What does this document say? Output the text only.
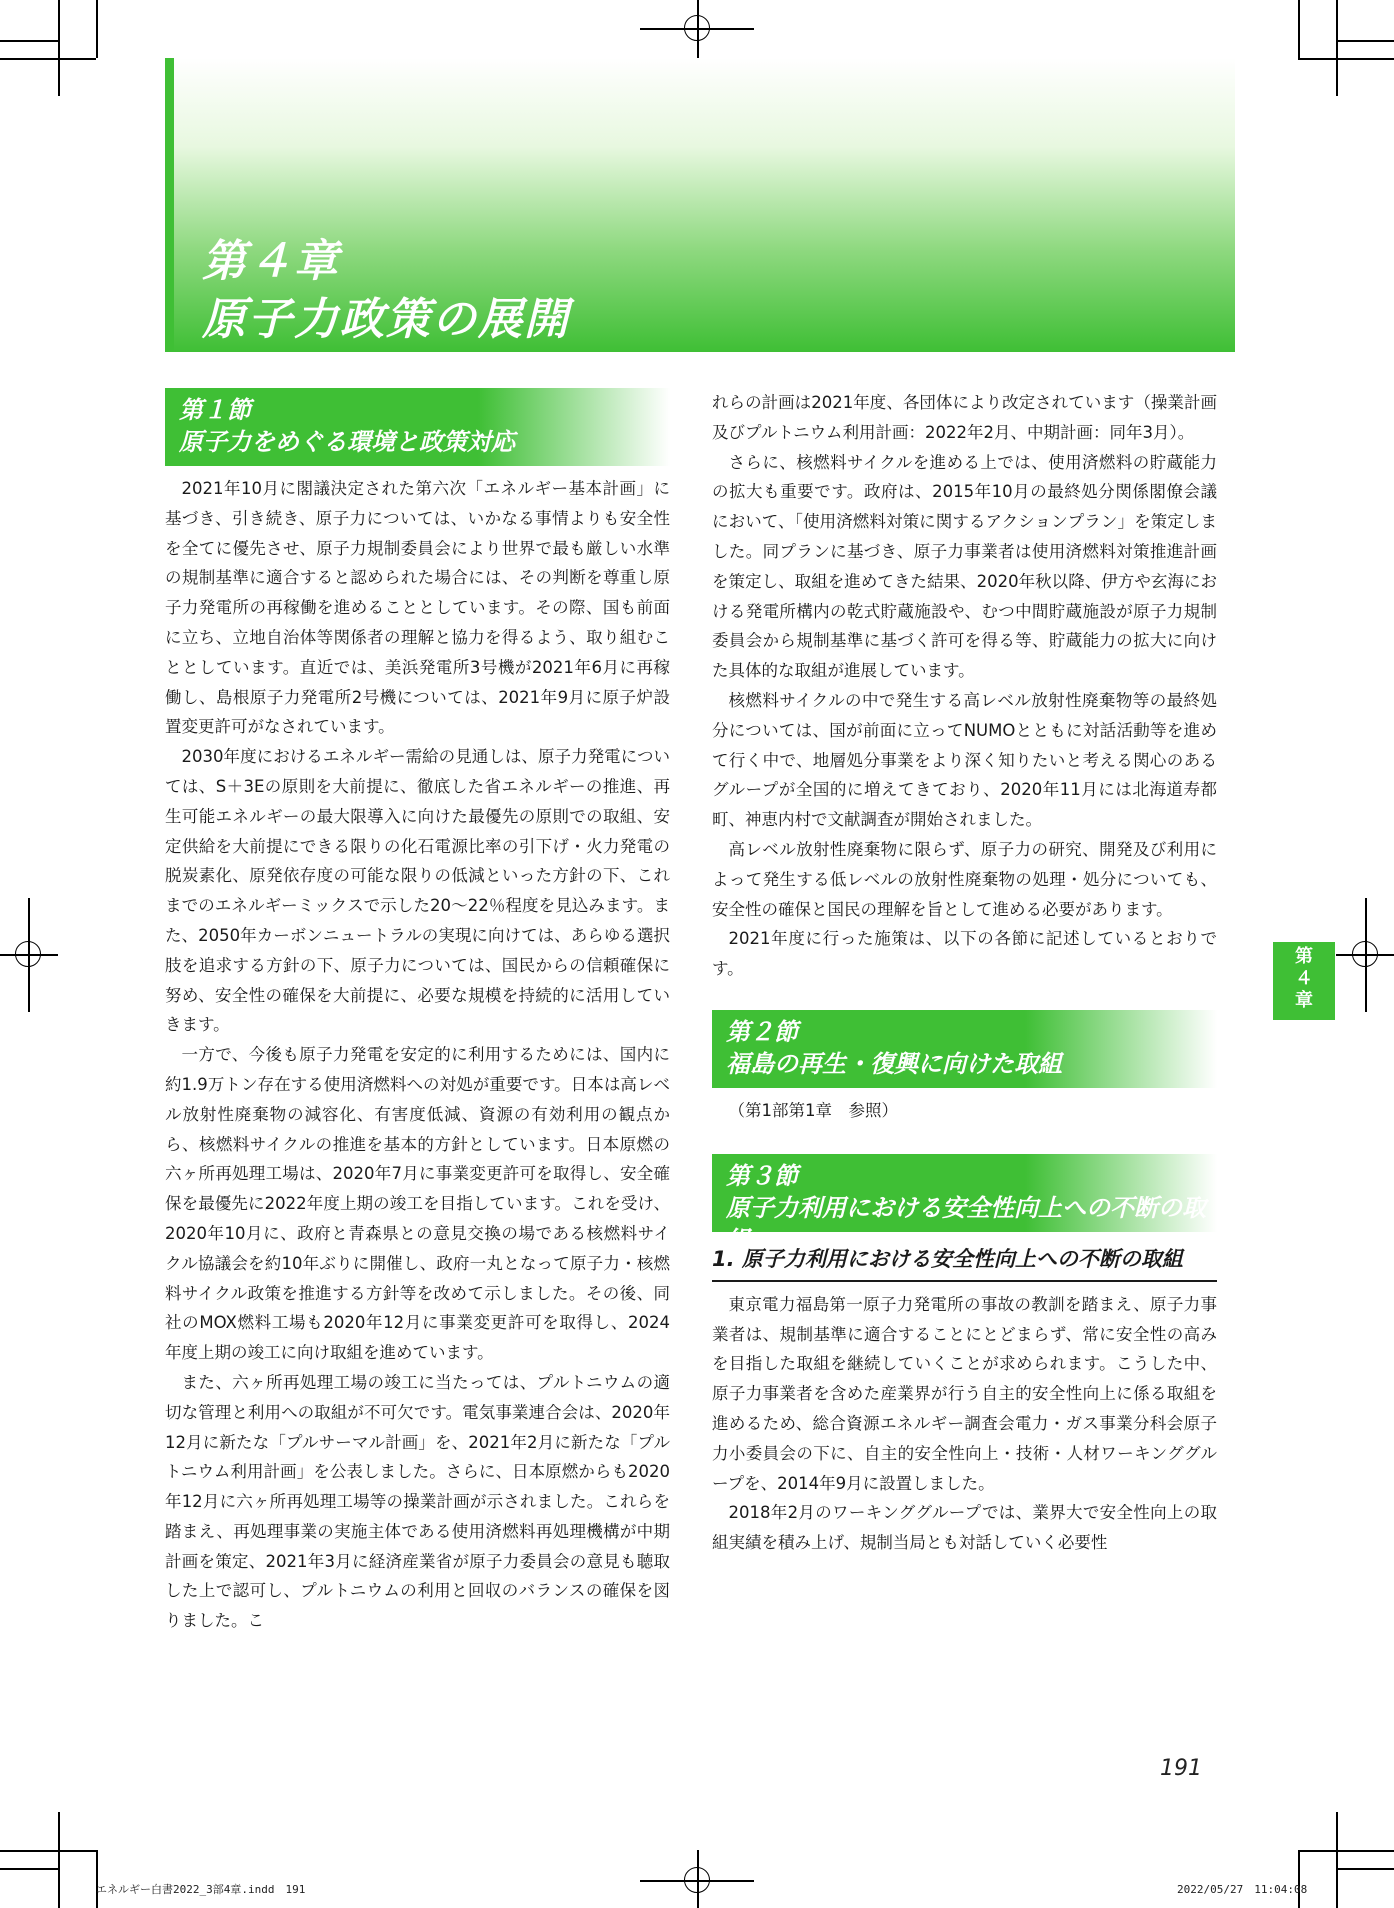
第４章
原子力政策の展開
第１節
原子力をめぐる環境と政策対応

2021年10月に閣議決定された第六次「エネルギー基本計画」に基づき、引き続き、原子力については、いかなる事情よりも安全性を全てに優先させ、原子力規制委員会により世界で最も厳しい水準の規制基準に適合すると認められた場合には、その判断を尊重し原子力発電所の再稼働を進めることとしています。その際、国も前面に立ち、立地自治体等関係者の理解と協力を得るよう、取り組むこととしています。直近では、美浜発電所3号機が2021年6月に再稼働し、島根原子力発電所2号機については、2021年9月に原子炉設置変更許可がなされています。

2030年度におけるエネルギー需給の見通しは、原子力発電については、S＋3Eの原則を大前提に、徹底した省エネルギーの推進、再生可能エネルギーの最大限導入に向けた最優先の原則での取組、安定供給を大前提にできる限りの化石電源比率の引下げ・火力発電の脱炭素化、原発依存度の可能な限りの低減といった方針の下、これまでのエネルギーミックスで示した20〜22％程度を見込みます。また、2050年カーボンニュートラルの実現に向けては、あらゆる選択肢を追求する方針の下、原子力については、国民からの信頼確保に努め、安全性の確保を大前提に、必要な規模を持続的に活用していきます。

一方で、今後も原子力発電を安定的に利用するためには、国内に約1.9万トン存在する使用済燃料への対処が重要です。日本は高レベル放射性廃棄物の減容化、有害度低減、資源の有効利用の観点から、核燃料サイクルの推進を基本的方針としています。日本原燃の六ヶ所再処理工場は、2020年7月に事業変更許可を取得し、安全確保を最優先に2022年度上期の竣工を目指しています。これを受け、2020年10月に、政府と青森県との意見交換の場である核燃料サイクル協議会を約10年ぶりに開催し、政府一丸となって原子力・核燃料サイクル政策を推進する方針等を改めて示しました。その後、同社のMOX燃料工場も2020年12月に事業変更許可を取得し、2024年度上期の竣工に向け取組を進めています。

また、六ヶ所再処理工場の竣工に当たっては、プルトニウムの適切な管理と利用への取組が不可欠です。電気事業連合会は、2020年12月に新たな「プルサーマル計画」を、2021年2月に新たな「プルトニウム利用計画」を公表しました。さらに、日本原燃からも2020年12月に六ヶ所再処理工場等の操業計画が示されました。これらを踏まえ、再処理事業の実施主体である使用済燃料再処理機構が中期計画を策定、2021年3月に経済産業省が原子力委員会の意見も聴取した上で認可し、プルトニウムの利用と回収のバランスの確保を図りました。こ

れらの計画は2021年度、各団体により改定されています（操業計画及びプルトニウム利用計画：2022年2月、中期計画：同年3月）。

さらに、核燃料サイクルを進める上では、使用済燃料の貯蔵能力の拡大も重要です。政府は、2015年10月の最終処分関係閣僚会議において、「使用済燃料対策に関するアクションプラン」を策定しました。同プランに基づき、原子力事業者は使用済燃料対策推進計画を策定し、取組を進めてきた結果、2020年秋以降、伊方や玄海における発電所構内の乾式貯蔵施設や、むつ中間貯蔵施設が原子力規制委員会から規制基準に基づく許可を得る等、貯蔵能力の拡大に向けた具体的な取組が進展しています。

核燃料サイクルの中で発生する高レベル放射性廃棄物等の最終処分については、国が前面に立ってNUMOとともに対話活動等を進めて行く中で、地層処分事業をより深く知りたいと考える関心のあるグループが全国的に増えてきており、2020年11月には北海道寿都町、神恵内村で文献調査が開始されました。

高レベル放射性廃棄物に限らず、原子力の研究、開発及び利用によって発生する低レベルの放射性廃棄物の処理・処分についても、安全性の確保と国民の理解を旨として進める必要があります。

2021年度に行った施策は、以下の各節に記述しているとおりです。

第２節
福島の再生・復興に向けた取組

（第1部第1章　参照）

第３節
原子力利用における安全性向上への不断の取組
1. 原子力利用における安全性向上への不断の取組

東京電力福島第一原子力発電所の事故の教訓を踏まえ、原子力事業者は、規制基準に適合することにとどまらず、常に安全性の高みを目指した取組を継続していくことが求められます。こうした中、原子力事業者を含めた産業界が行う自主的安全性向上に係る取組を進めるため、総合資源エネルギー調査会電力・ガス事業分科会原子力小委員会の下に、自主的安全性向上・技術・人材ワーキンググループを、2014年9月に設置しました。

2018年2月のワーキンググループでは、業界大で安全性向上の取組実績を積み上げ、規制当局とも対話していく必要性

第
４
章

191

エネルギー白書2022_3部4章.indd　191	2022/05/27　11:04:08
